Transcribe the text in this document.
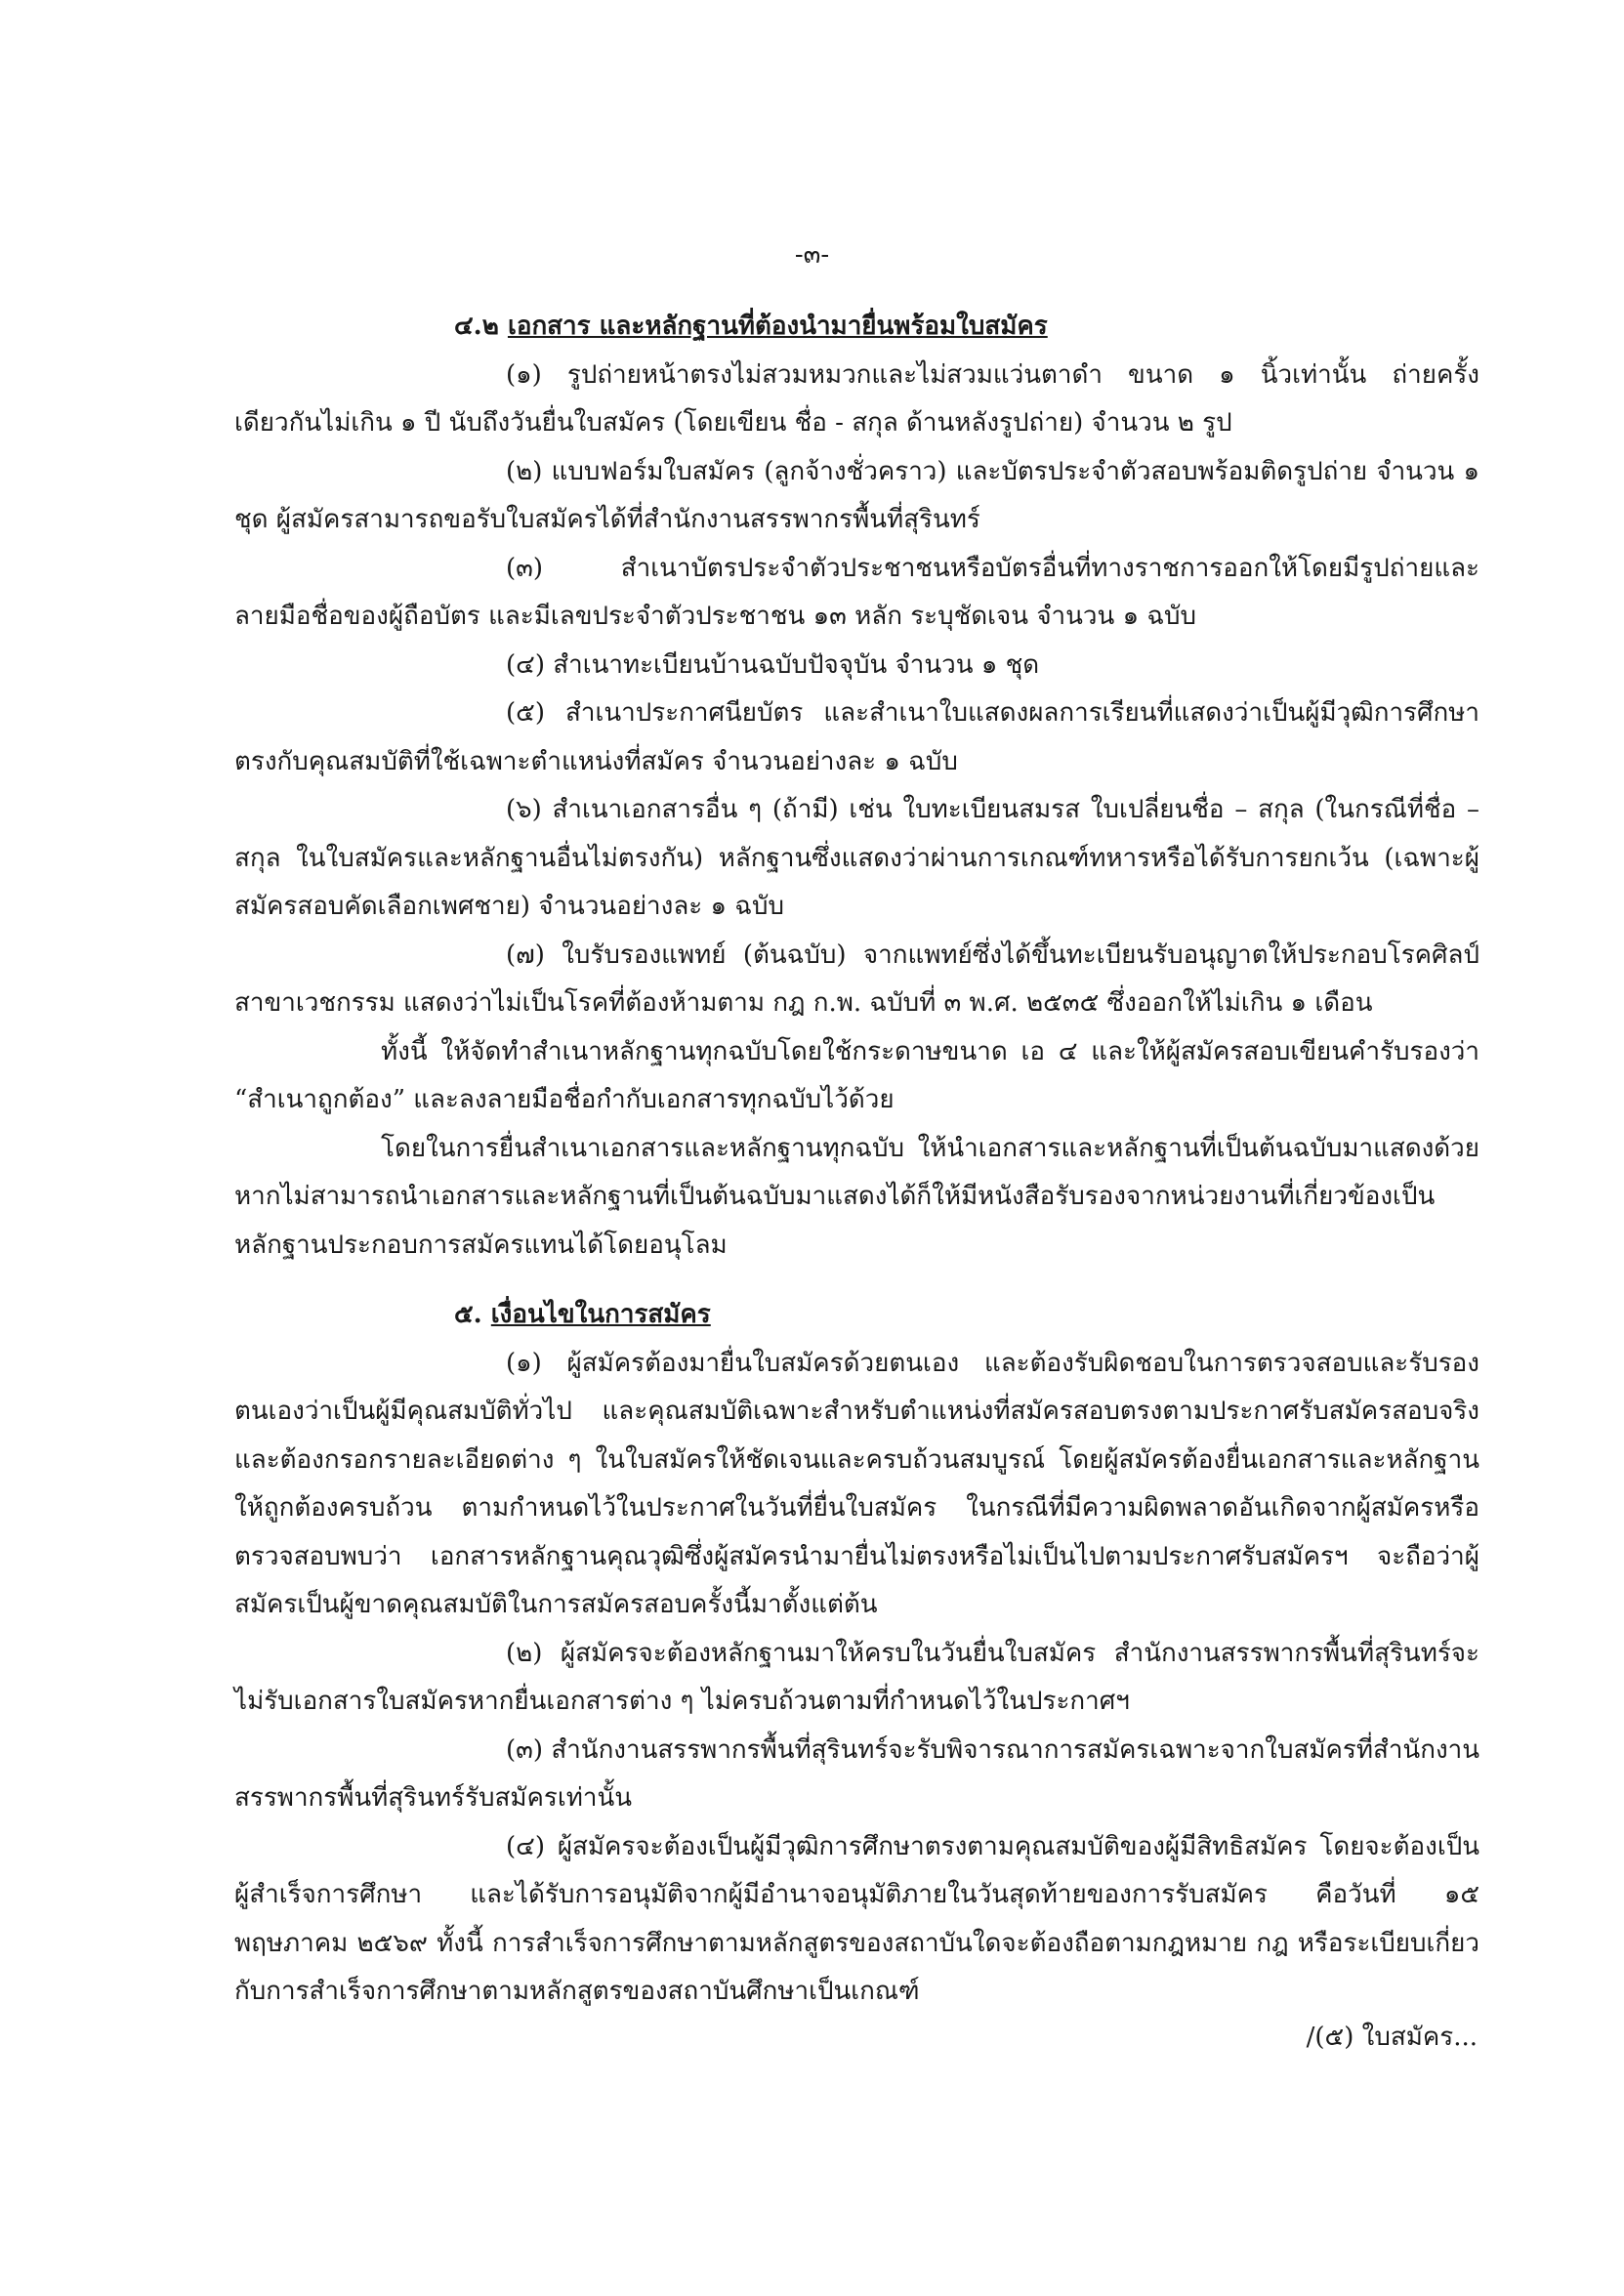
-๓-

๔.๒ เอกสาร และหลักฐานที่ต้องนำมายื่นพร้อมใบสมัคร

(๑) รูปถ่ายหน้าตรงไม่สวมหมวกและไม่สวมแว่นตาดำ ขนาด ๑ นิ้วเท่านั้น ถ่ายครั้งเดียวกันไม่เกิน ๑ ปี นับถึงวันยื่นใบสมัคร (โดยเขียน ชื่อ - สกุล ด้านหลังรูปถ่าย) จำนวน ๒ รูป

(๒) แบบฟอร์มใบสมัคร (ลูกจ้างชั่วคราว) และบัตรประจำตัวสอบพร้อมติดรูปถ่าย จำนวน ๑ ชุด ผู้สมัครสามารถขอรับใบสมัครได้ที่สำนักงานสรรพากรพื้นที่สุรินทร์

(๓) สำเนาบัตรประจำตัวประชาชนหรือบัตรอื่นที่ทางราชการออกให้โดยมีรูปถ่ายและลายมือชื่อของผู้ถือบัตร และมีเลขประจำตัวประชาชน ๑๓ หลัก ระบุชัดเจน จำนวน ๑ ฉบับ

(๔) สำเนาทะเบียนบ้านฉบับปัจจุบัน จำนวน ๑ ชุด

(๕) สำเนาประกาศนียบัตร และสำเนาใบแสดงผลการเรียนที่แสดงว่าเป็นผู้มีวุฒิการศึกษาตรงกับคุณสมบัติที่ใช้เฉพาะตำแหน่งที่สมัคร จำนวนอย่างละ ๑ ฉบับ

(๖) สำเนาเอกสารอื่น ๆ (ถ้ามี) เช่น ใบทะเบียนสมรส ใบเปลี่ยนชื่อ – สกุล (ในกรณีที่ชื่อ – สกุล ในใบสมัครและหลักฐานอื่นไม่ตรงกัน) หลักฐานซึ่งแสดงว่าผ่านการเกณฑ์ทหารหรือได้รับการยกเว้น (เฉพาะผู้สมัครสอบคัดเลือกเพศชาย) จำนวนอย่างละ ๑ ฉบับ

(๗) ใบรับรองแพทย์ (ต้นฉบับ) จากแพทย์ซึ่งได้ขึ้นทะเบียนรับอนุญาตให้ประกอบโรคศิลป์สาขาเวชกรรม แสดงว่าไม่เป็นโรคที่ต้องห้ามตาม กฎ ก.พ. ฉบับที่ ๓ พ.ศ. ๒๕๓๕ ซึ่งออกให้ไม่เกิน ๑ เดือน

ทั้งนี้ ให้จัดทำสำเนาหลักฐานทุกฉบับโดยใช้กระดาษขนาด เอ ๔ และให้ผู้สมัครสอบเขียนคำรับรองว่า “สำเนาถูกต้อง” และลงลายมือชื่อกำกับเอกสารทุกฉบับไว้ด้วย

โดยในการยื่นสำเนาเอกสารและหลักฐานทุกฉบับ ให้นำเอกสารและหลักฐานที่เป็นต้นฉบับมาแสดงด้วย หากไม่สามารถนำเอกสารและหลักฐานที่เป็นต้นฉบับมาแสดงได้ก็ให้มีหนังสือรับรองจากหน่วยงานที่เกี่ยวข้องเป็นหลักฐานประกอบการสมัครแทนได้โดยอนุโลม

๕. เงื่อนไขในการสมัคร

(๑) ผู้สมัครต้องมายื่นใบสมัครด้วยตนเอง และต้องรับผิดชอบในการตรวจสอบและรับรองตนเองว่าเป็นผู้มีคุณสมบัติทั่วไป และคุณสมบัติเฉพาะสำหรับตำแหน่งที่สมัครสอบตรงตามประกาศรับสมัครสอบจริง และต้องกรอกรายละเอียดต่าง ๆ ในใบสมัครให้ชัดเจนและครบถ้วนสมบูรณ์ โดยผู้สมัครต้องยื่นเอกสารและหลักฐานให้ถูกต้องครบถ้วน ตามกำหนดไว้ในประกาศในวันที่ยื่นใบสมัคร ในกรณีที่มีความผิดพลาดอันเกิดจากผู้สมัครหรือตรวจสอบพบว่า เอกสารหลักฐานคุณวุฒิซึ่งผู้สมัครนำมายื่นไม่ตรงหรือไม่เป็นไปตามประกาศรับสมัครฯ จะถือว่าผู้สมัครเป็นผู้ขาดคุณสมบัติในการสมัครสอบครั้งนี้มาตั้งแต่ต้น

(๒) ผู้สมัครจะต้องหลักฐานมาให้ครบในวันยื่นใบสมัคร สำนักงานสรรพากรพื้นที่สุรินทร์จะไม่รับเอกสารใบสมัครหากยื่นเอกสารต่าง ๆ ไม่ครบถ้วนตามที่กำหนดไว้ในประกาศฯ

(๓) สำนักงานสรรพากรพื้นที่สุรินทร์จะรับพิจารณาการสมัครเฉพาะจากใบสมัครที่สำนักงานสรรพากรพื้นที่สุรินทร์รับสมัครเท่านั้น

(๔) ผู้สมัครจะต้องเป็นผู้มีวุฒิการศึกษาตรงตามคุณสมบัติของผู้มีสิทธิสมัคร โดยจะต้องเป็นผู้สำเร็จการศึกษา และได้รับการอนุมัติจากผู้มีอำนาจอนุมัติภายในวันสุดท้ายของการรับสมัคร คือวันที่ ๑๕ พฤษภาคม ๒๕๖๙ ทั้งนี้ การสำเร็จการศึกษาตามหลักสูตรของสถาบันใดจะต้องถือตามกฎหมาย กฎ หรือระเบียบเกี่ยวกับการสำเร็จการศึกษาตามหลักสูตรของสถาบันศึกษาเป็นเกณฑ์

/(๕) ใบสมัคร...
